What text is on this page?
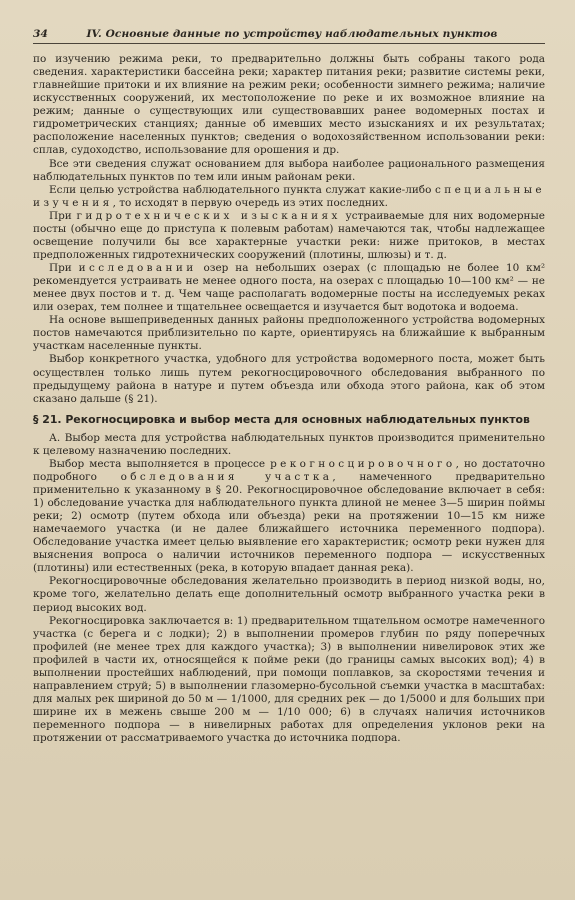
34	IV. Основные данные по устройству наблюдательных пунктов

по изучению режима реки, то предварительно должны быть собраны такого рода сведения. характеристики бассейна реки; характер питания реки; развитие системы реки, главнейшие притоки и их влияние на режим реки; особенности зимнего режима; наличие искусственных сооружений, их местоположение по реке и их возможное влияние на режим; данные о существующих или существовавших ранее водомерных постах и гидрометрических станциях; данные об имевших место изысканиях и их результатах; расположение населенных пунктов; сведения о водохозяйственном использовании реки: сплав, судоходство, использование для орошения и др.

Все эти сведения служат основанием для выбора наиболее рационального размещения наблюдательных пунктов по тем или иным районам реки.

Если целью устройства наблюдательного пункта служат какие-либо специальные изучения, то исходят в первую очередь из этих последних.

При гидротехнических изысканиях устраиваемые для них водомерные посты (обычно еще до приступа к полевым работам) намечаются так, чтобы надлежащее освещение получили бы все характерные участки реки: ниже притоков, в местах предположенных гидротехнических сооружений (плотины, шлюзы) и т. д.

При исследовании озер на небольших озерах (с площадью не более 10 км² рекомендуется устраивать не менее одного поста, на озерах с площадью 10—100 км² — не менее двух постов и т. д. Чем чаще располагать водомерные посты на исследуемых реках или озерах, тем полнее и тщательнее освещается и изучается быт водотока и водоема.

На основе вышеприведенных данных районы предположенного устройства водомерных постов намечаются приблизительно по карте, ориентируясь на ближайшие к выбранным участкам населенные пункты.

Выбор конкретного участка, удобного для устройства водомерного поста, может быть осуществлен только лишь путем рекогносцировочного обследования выбранного по предыдущему района в натуре и путем объезда или обхода этого района, как об этом сказано дальше (§ 21).

§ 21. Рекогносцировка и выбор места для основных наблюдательных пунктов

А. Выбор места для устройства наблюдательных пунктов производится применительно к целевому назначению последних.

Выбор места выполняется в процессе рекогносцировочного, но достаточно подробного обследования участка, намеченного предварительно применительно к указанному в § 20. Рекогносцировочное обследование включает в себя: 1) обследование участка для наблюдательного пункта длиной не менее 3—5 ширин поймы реки; 2) осмотр (путем обхода или объезда) реки на протяжении 10—15 км ниже намечаемого участка (и не далее ближайшего источника переменного подпора). Обследование участка имеет целью выявление его характеристик; осмотр реки нужен для выяснения вопроса о наличии источников переменного подпора — искусственных (плотины) или естественных (река, в которую впадает данная река).

Рекогносцировочные обследования желательно производить в период низкой воды, но, кроме того, желательно делать еще дополнительный осмотр выбранного участка реки в период высоких вод.

Рекогносцировка заключается в: 1) предварительном тщательном осмотре намеченного участка (с берега и с лодки); 2) в выполнении промеров глубин по ряду поперечных профилей (не менее трех для каждого участка); 3) в выполнении нивелировок этих же профилей в части их, относящейся к пойме реки (до границы самых высоких вод); 4) в выполнении простейших наблюдений, при помощи поплавков, за скоростями течения и направлением струй; 5) в выполнении глазомерно-бусольной съемки участка в масштабах: для малых рек шириной до 50 м — 1/1000, для средних рек — до 1/5000 и для больших при ширине их в межень свыше 200 м — 1/10 000; 6) в случаях наличия источников переменного подпора — в нивелирных работах для определения уклонов реки на протяжении от рассматриваемого участка до источника подпора.
